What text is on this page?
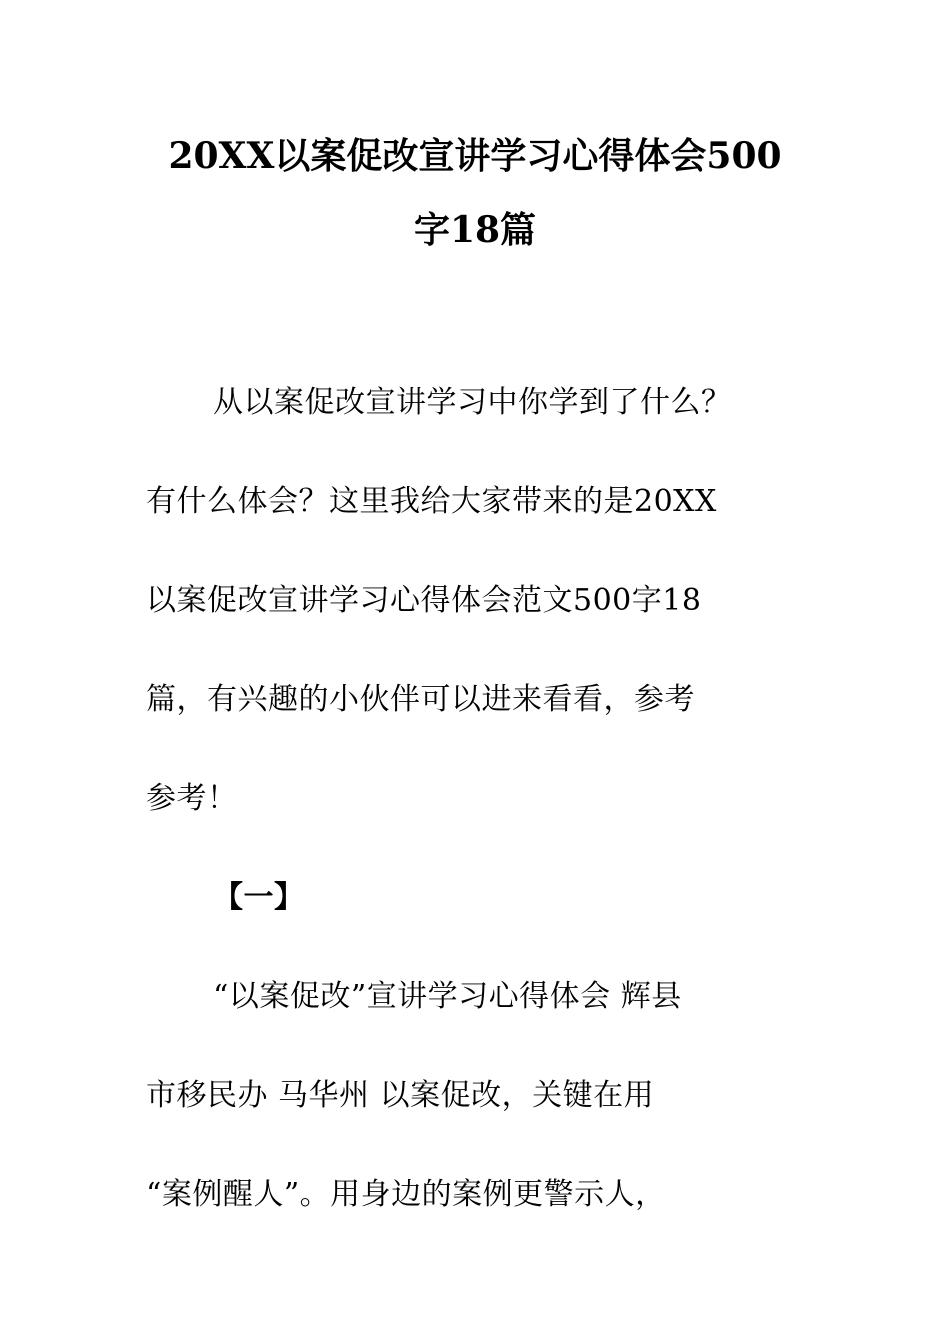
20XX以案促改宣讲学习心得体会500
字18篇
从以案促改宣讲学习中你学到了什么？
有什么体会？这里我给大家带来的是20XX
以案促改宣讲学习心得体会范文500字18
篇，有兴趣的小伙伴可以进来看看，参考
参考！
【一】
“以案促改”宣讲学习心得体会 辉县
市移民办 马华州 以案促改，关键在用
“案例醒人”。用身边的案例更警示人，
